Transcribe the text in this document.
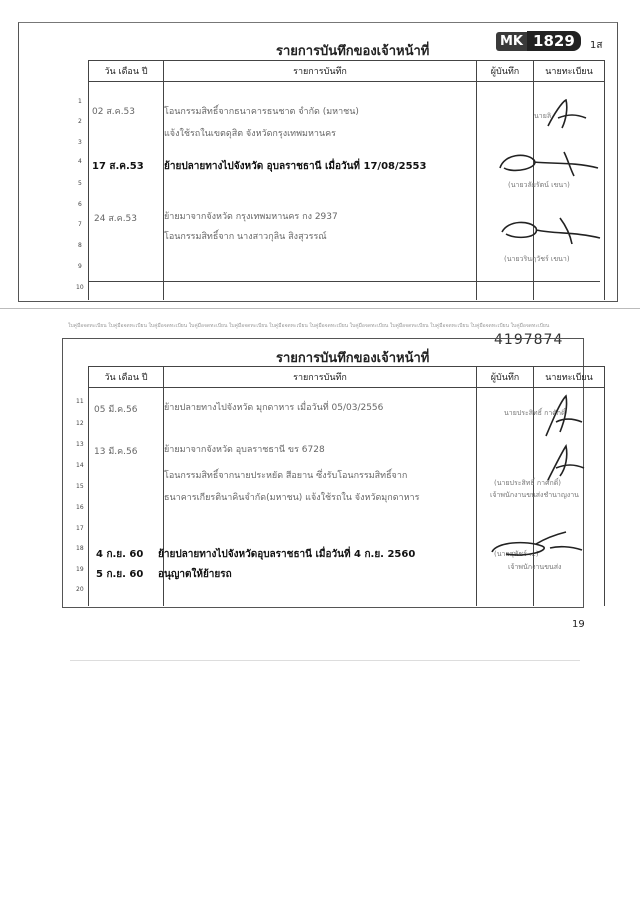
รายการบันทึกของเจ้าหน้าที่
MK 1829	1ส
วัน เดือน ปี	รายการบันทึก	ผู้บันทึก	นายทะเบียน

1
2
3
4
5
6
7
8
9
10
02 ส.ค.53	โอนกรรมสิทธิ์จากธนาคารธนชาต จำกัด (มหาชน)
แจ้งใช้รถในเขตดุสิต จังหวัดกรุงเทพมหานคร
17 ส.ค.53 ย้ายปลายทางไปจังหวัด อุบลราชธานี เมื่อวันที่ 17/08/2553
24 ส.ค.53	ย้ายมาจากจังหวัด กรุงเทพมหานคร กง 2937
โอนกรรมสิทธิ์จาก นางสาวกุลิน สิงสุวรรณ์
นายลิ
(นายวลัยรัตน์ เขนา)
(นายวรินฤวัชร์ เขนา)
ใบคู่มือจดทะเบียน ใบคู่มือจดทะเบียน ใบคู่มือจดทะเบียน ใบคู่มือจดทะเบียน ใบคู่มือจดทะเบียน ใบคู่มือจดทะเบียน ใบคู่มือจดทะเบียน ใบคู่มือจดทะเบียน ใบคู่มือจดทะเบียน ใบคู่มือจดทะเบียน ใบคู่มือจดทะเบียน ใบคู่มือจดทะเบียน
4197874
รายการบันทึกของเจ้าหน้าที่
วัน เดือน ปี	รายการบันทึก	ผู้บันทึก	นายทะเบียน

11
12
13
14
15
16
17
18
19
20
05 มี.ค.56	ย้ายปลายทางไปจังหวัด มุกดาหาร เมื่อวันที่ 05/03/2556
13 มี.ค.56	ย้ายมาจากจังหวัด อุบลราชธานี ขร 6728
โอนกรรมสิทธิ์จากนายประหยัด สีอยาน ซึ่งรับโอนกรรมสิทธิ์จาก
ธนาคารเกียรตินาคินจำกัด(มหาชน) แจ้งใช้รถใน จังหวัดมุกดาหาร
4 ก.ย. 60 ย้ายปลายทางไปจังหวัดอุบลราชธานี เมื่อวันที่ 4 ก.ย. 2560
5 ก.ย. 60 อนุญาตให้ย้ายรถ
นายประสิทธิ์ กาศักดิ์
(นายประสิทธิ์ กาศักดิ์)
เจ้าพนักงานขนส่งชำนาญงาน
(นายสุพัชร์ ...)
เจ้าพนักงานขนส่ง
19
